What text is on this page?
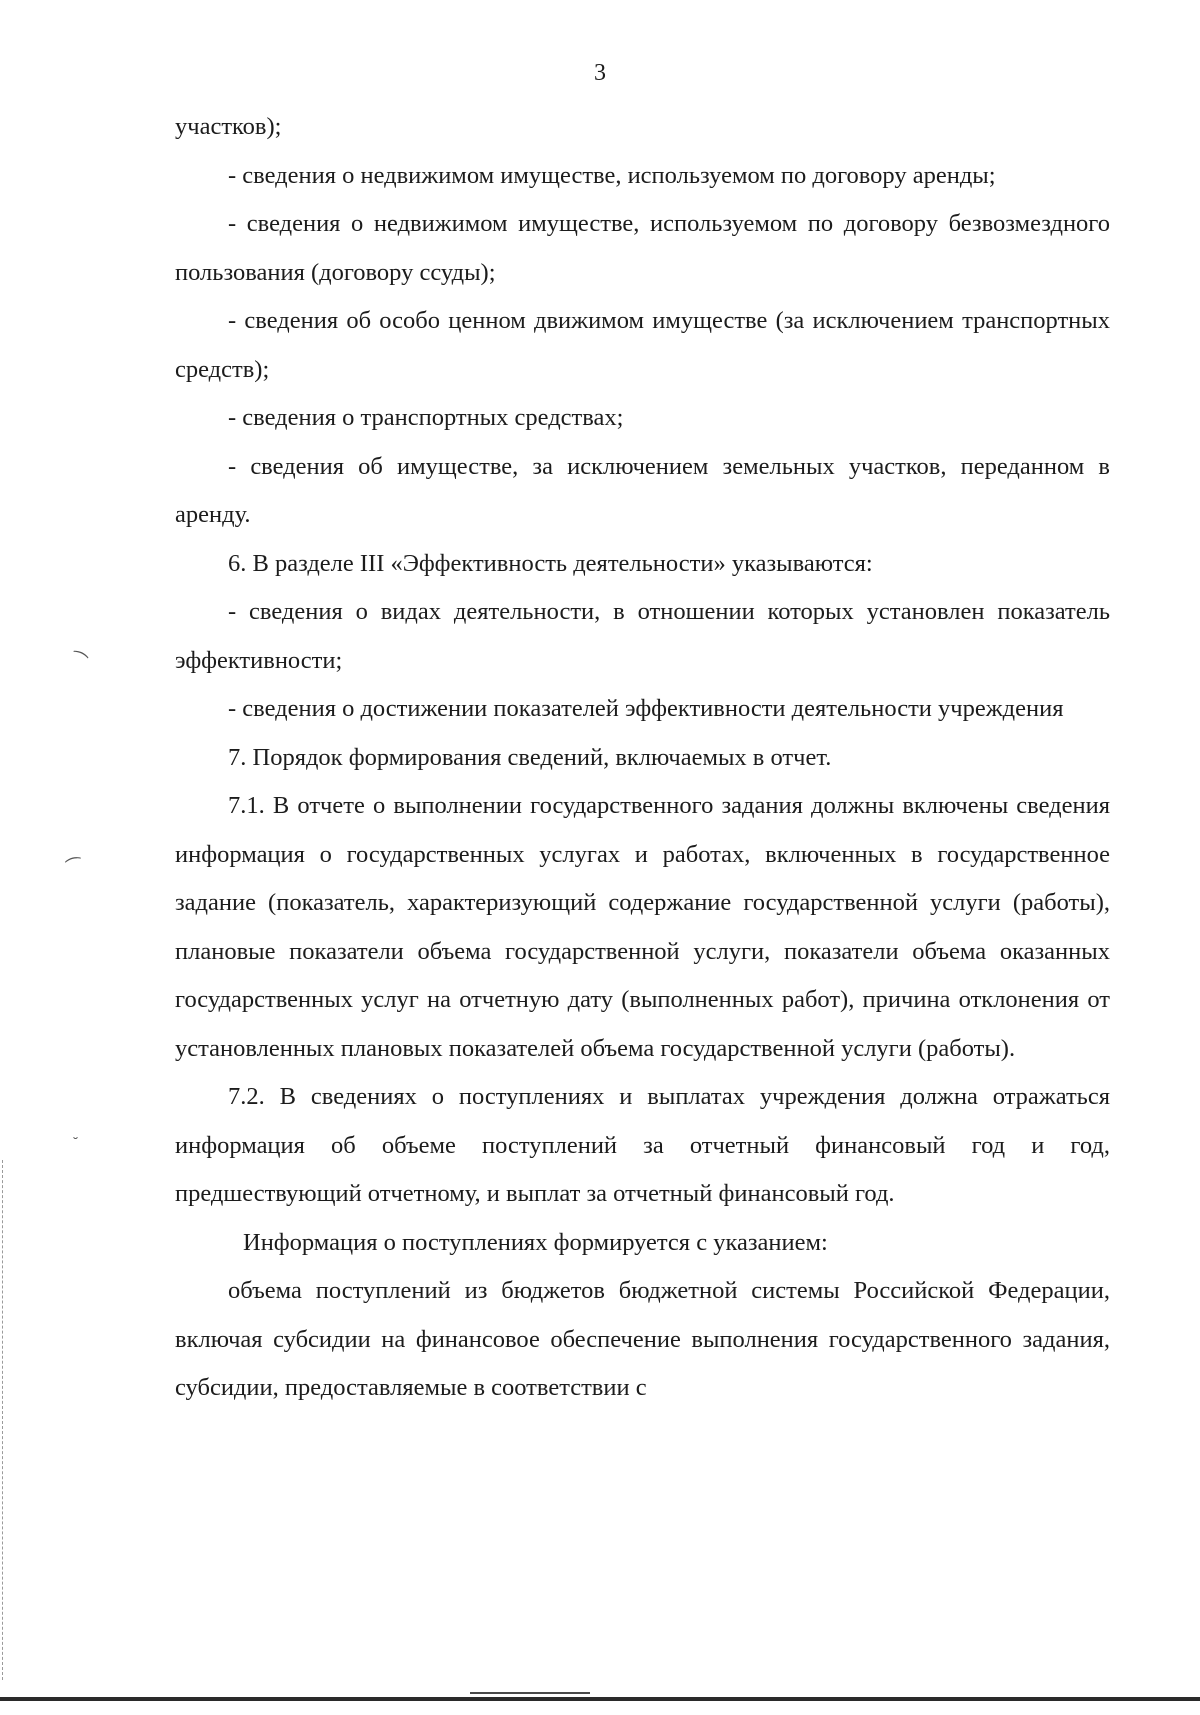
3

участков);

- сведения о недвижимом имуществе, используемом по договору аренды;

- сведения о недвижимом имуществе, используемом по договору безвозмездного пользования (договору ссуды);

- сведения об особо ценном движимом имуществе (за исключением транспортных средств);

- сведения о транспортных средствах;

- сведения об имуществе, за исключением земельных участков, переданном в аренду.

6. В разделе III «Эффективность деятельности» указываются:

- сведения о видах деятельности, в отношении которых установлен показатель эффективности;

- сведения о достижении показателей эффективности деятельности учреждения

7. Порядок формирования сведений, включаемых в отчет.

7.1. В отчете о выполнении государственного задания должны включены сведения информация о государственных услугах и работах, включенных в государственное задание (показатель, характеризующий содержание государственной услуги (работы), плановые показатели объема государственной услуги, показатели объема оказанных государственных услуг на отчетную дату (выполненных работ), причина отклонения от установленных плановых показателей объема государственной услуги (работы).

7.2. В сведениях о поступлениях и выплатах учреждения должна отражаться информация об объеме поступлений за отчетный финансовый год и год, предшествующий отчетному, и выплат за отчетный финансовый год.

Информация о поступлениях формируется с указанием:

объема поступлений из бюджетов бюджетной системы Российской Федерации, включая субсидии на финансовое обеспечение выполнения государственного задания, субсидии, предоставляемые в соответствии с

⁀
⁀
˘
